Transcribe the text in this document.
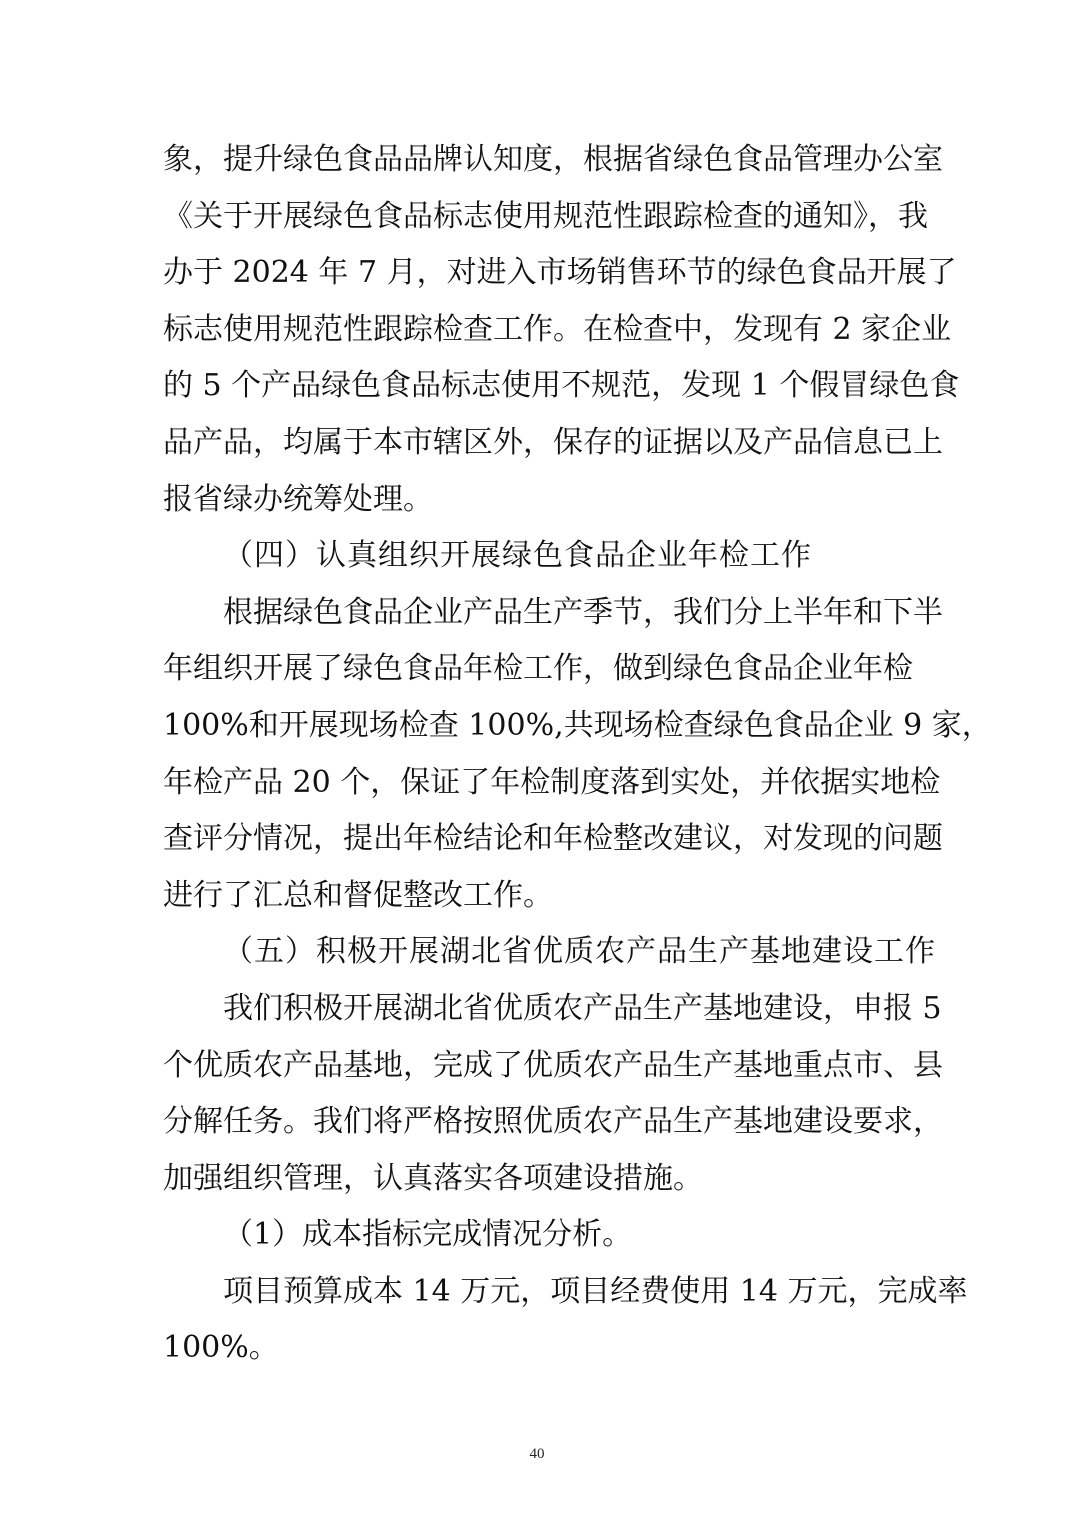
象，提升绿色食品品牌认知度，根据省绿色食品管理办公室
《关于开展绿色食品标志使用规范性跟踪检查的通知》，我
办于 2024 年 7 月，对进入市场销售环节的绿色食品开展了
标志使用规范性跟踪检查工作。在检查中，发现有 2 家企业
的 5 个产品绿色食品标志使用不规范，发现 1 个假冒绿色食
品产品，均属于本市辖区外，保存的证据以及产品信息已上
报省绿办统筹处理。
（四）认真组织开展绿色食品企业年检工作
根据绿色食品企业产品生产季节，我们分上半年和下半
年组织开展了绿色食品年检工作，做到绿色食品企业年检
100%和开展现场检查 100%,共现场检查绿色食品企业 9 家，
年检产品 20 个，保证了年检制度落到实处，并依据实地检
查评分情况，提出年检结论和年检整改建议，对发现的问题
进行了汇总和督促整改工作。
（五）积极开展湖北省优质农产品生产基地建设工作
我们积极开展湖北省优质农产品生产基地建设，申报 5
个优质农产品基地，完成了优质农产品生产基地重点市、县
分解任务。我们将严格按照优质农产品生产基地建设要求，
加强组织管理，认真落实各项建设措施。
（1）成本指标完成情况分析。
项目预算成本 14 万元，项目经费使用 14 万元，完成率
100%。
40
